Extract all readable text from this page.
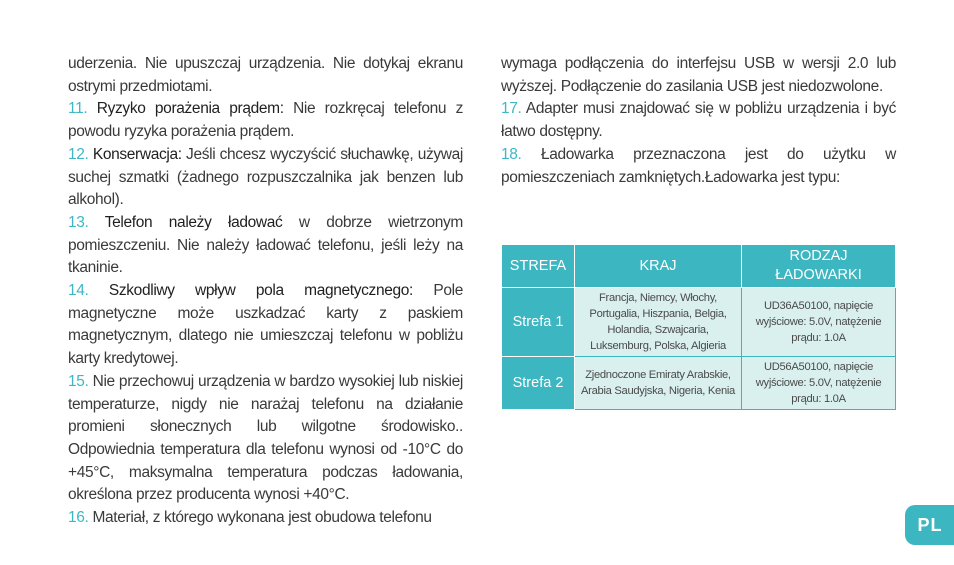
uderzenia. Nie upuszczaj urządzenia. Nie dotykaj ekranu ostrymi przedmiotami.

11. Ryzyko porażenia prądem: Nie rozkręcaj telefonu z powodu ryzyka porażenia prądem.

12. Konserwacja: Jeśli chcesz wyczyścić słuchawkę, używaj suchej szmatki (żadnego rozpuszczalnika jak benzen lub alkohol).

13. Telefon należy ładować w dobrze wietrzonym pomieszczeniu. Nie należy ładować telefonu, jeśli leży na tkaninie.

14. Szkodliwy wpływ pola magnetycznego: Pole magnetyczne może uszkadzać karty z paskiem magnetycznym, dlatego nie umieszczaj telefonu w pobliżu karty kredytowej.

15. Nie przechowuj urządzenia w bardzo wysokiej lub niskiej temperaturze, nigdy nie narażaj telefonu na działanie promieni słonecznych lub wilgotne środowisko.. Odpowiednia temperatura dla telefonu wynosi od -10°C do +45°C, maksymalna temperatura podczas ładowania, określona przez producenta wynosi +40°C.

16. Materiał, z którego wykonana jest obudowa telefonu

wymaga podłączenia do interfejsu USB w wersji 2.0 lub wyższej. Podłączenie do zasilania USB jest niedozwolone.

17. Adapter musi znajdować się w pobliżu urządzenia i być łatwo dostępny.

18. Ładowarka przeznaczona jest do użytku w pomieszczeniach zamkniętych.Ładowarka jest typu:

STREFA	KRAJ	RODZAJ ŁADOWARKI
Strefa 1	Francja, Niemcy, Włochy, Portugalia, Hiszpania, Belgia, Holandia, Szwajcaria, Luksemburg, Polska, Algieria	UD36A50100, napięcie wyjściowe: 5.0V, natężenie prądu: 1.0A
Strefa 2	Zjednoczone Emiraty Arabskie, Arabia Saudyjska, Nigeria, Kenia	UD56A50100, napięcie wyjściowe: 5.0V, natężenie prądu: 1.0A
PL
